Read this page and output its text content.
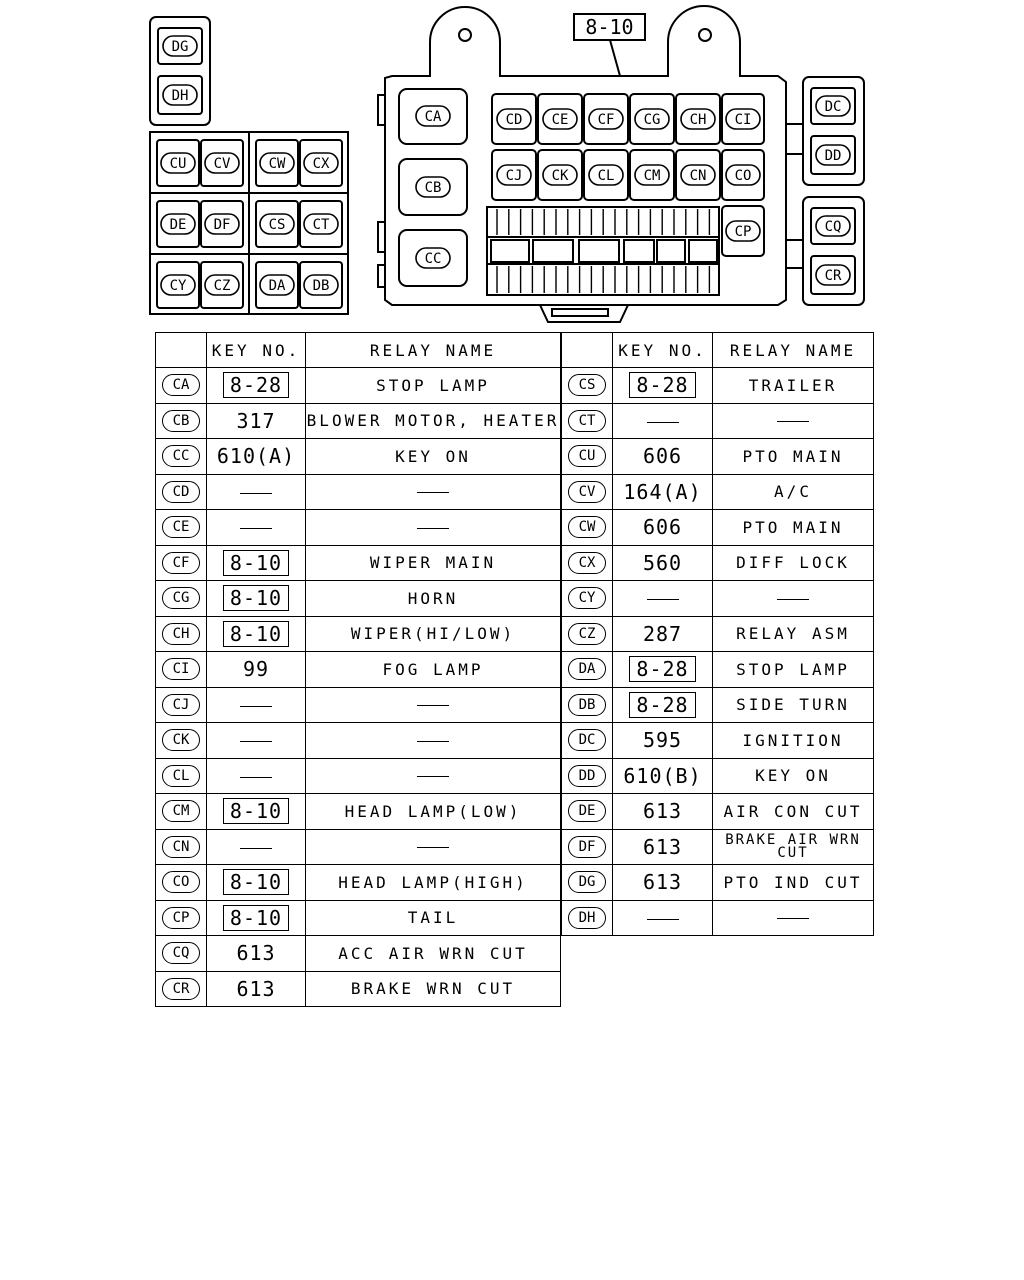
8-10
CA
CB
CC
CD CE CF CG CH CI
CJ CK CL CM CN CO
CP
DC
DD
CQ
CR
DG
DH
CU CV	CW CX
DE DF	CS CT
CY CZ	DA DB
	KEY NO.	RELAY NAME
CA	8-28	STOP LAMP
CB	317	BLOWER MOTOR, HEATER
CC	610(A)	KEY ON
CD		
CE		
CF	8-10	WIPER MAIN
CG	8-10	HORN
CH	8-10	WIPER(HI/LOW)
CI	99	FOG LAMP
CJ		
CK		
CL		
CM	8-10	HEAD LAMP(LOW)
CN		
CO	8-10	HEAD LAMP(HIGH)
CP	8-10	TAIL
CQ	613	ACC AIR WRN CUT
CR	613	BRAKE WRN CUT
	KEY NO.	RELAY NAME
CS	8-28	TRAILER
CT		
CU	606	PTO MAIN
CV	164(A)	A/C
CW	606	PTO MAIN
CX	560	DIFF LOCK
CY		
CZ	287	RELAY ASM
DA	8-28	STOP LAMP
DB	8-28	SIDE TURN
DC	595	IGNITION
DD	610(B)	KEY ON
DE	613	AIR CON CUT
DF	613	BRAKE AIR WRN CUT
DG	613	PTO IND CUT
DH		
